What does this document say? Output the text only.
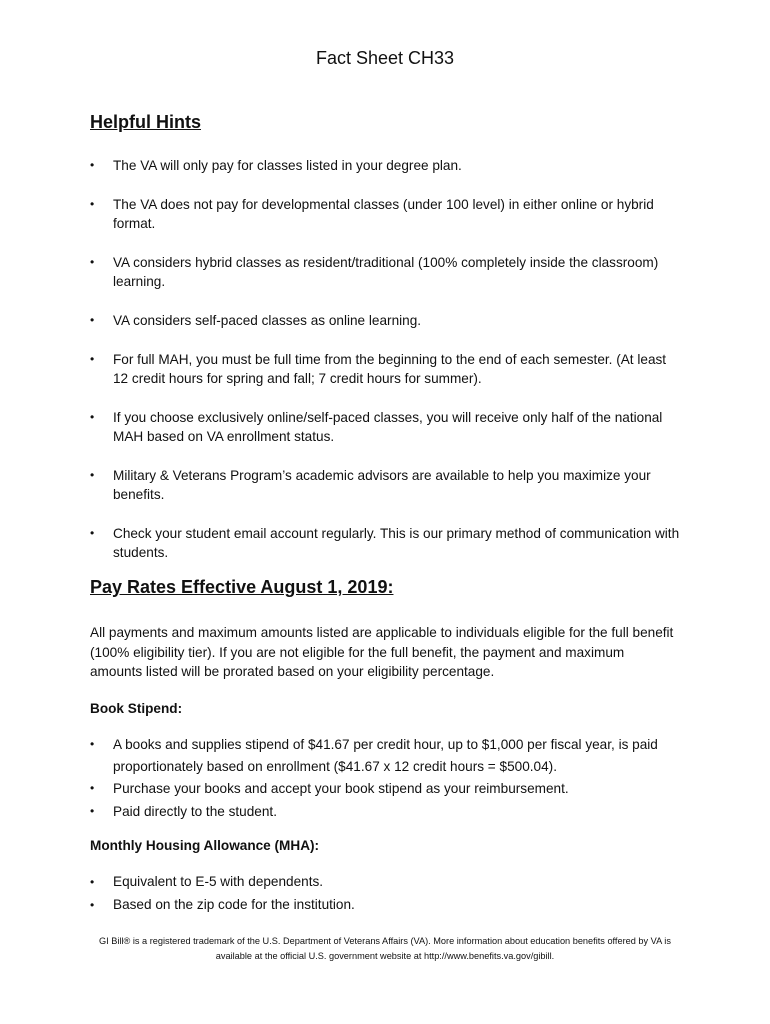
Fact Sheet CH33
Helpful Hints
•	The VA will only pay for classes listed in your degree plan.
•	The VA does not pay for developmental classes (under 100 level) in either online or hybrid format.
•	VA considers hybrid classes as resident/traditional (100% completely inside the classroom) learning.
•	VA considers self-paced classes as online learning.
•	For full MAH, you must be full time from the beginning to the end of each semester. (At least 12 credit hours for spring and fall; 7 credit hours for summer).
•	If you choose exclusively online/self-paced classes, you will receive only half of the national MAH based on VA enrollment status.
•	Military & Veterans Program’s academic advisors are available to help you maximize your benefits.
•	Check your student email account regularly. This is our primary method of communication with students.
Pay Rates Effective August 1, 2019:

All payments and maximum amounts listed are applicable to individuals eligible for the full benefit (100% eligibility tier). If you are not eligible for the full benefit, the payment and maximum amounts listed will be prorated based on your eligibility percentage.

Book Stipend:

•	A books and supplies stipend of $41.67 per credit hour, up to $1,000 per fiscal year, is paid proportionately based on enrollment ($41.67 x 12 credit hours = $500.04).
•	Purchase your books and accept your book stipend as your reimbursement.
•	Paid directly to the student.

Monthly Housing Allowance (MHA):

•	Equivalent to E-5 with dependents.
•	Based on the zip code for the institution.

GI Bill® is a registered trademark of the U.S. Department of Veterans Affairs (VA). More information about education benefits offered by VA is available at the official U.S. government website at http://www.benefits.va.gov/gibill.
